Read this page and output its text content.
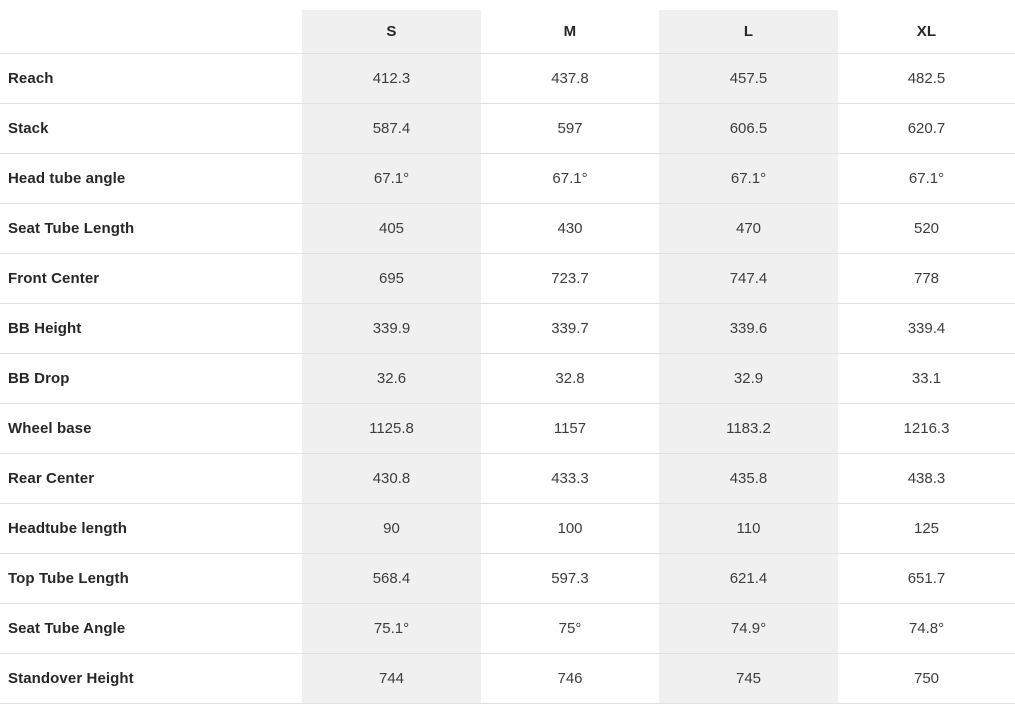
	S	M	L	XL
Reach	412.3	437.8	457.5	482.5
Stack	587.4	597	606.5	620.7
Head tube angle	67.1°	67.1°	67.1°	67.1°
Seat Tube Length	405	430	470	520
Front Center	695	723.7	747.4	778
BB Height	339.9	339.7	339.6	339.4
BB Drop	32.6	32.8	32.9	33.1
Wheel base	1125.8	1157	1183.2	1216.3
Rear Center	430.8	433.3	435.8	438.3
Headtube length	90	100	110	125
Top Tube Length	568.4	597.3	621.4	651.7
Seat Tube Angle	75.1°	75°	74.9°	74.8°
Standover Height	744	746	745	750
